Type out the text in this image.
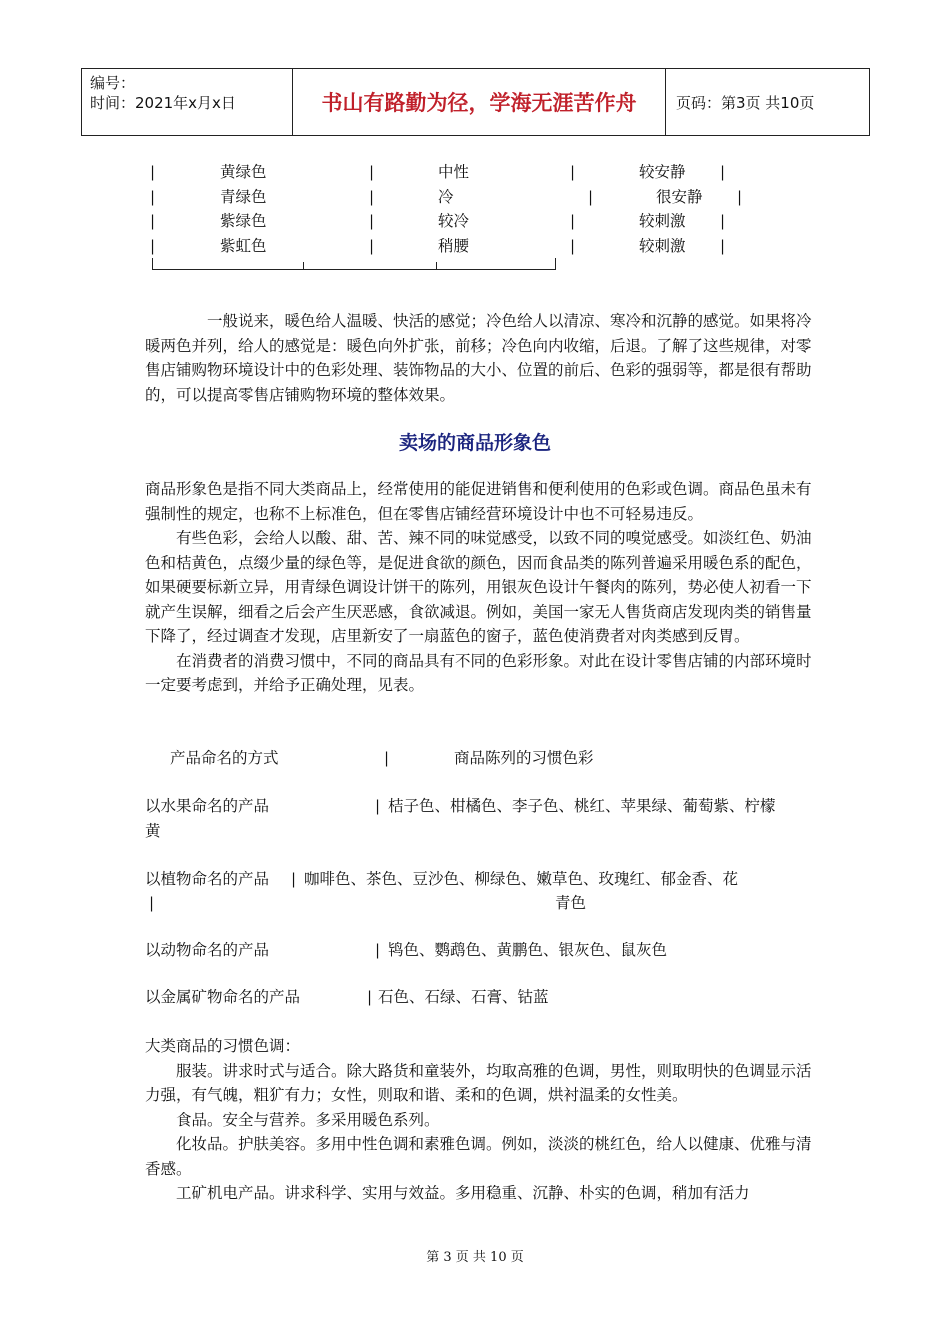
编号：
时间：2021年x月x日	书山有路勤为径，学海无涯苦作舟	页码：第3页 共10页
|	黄绿色	|	中性	|	较安静 |
|	青绿色	|	冷	|	很安静 |
|	紫绿色	|	较冷	|	较刺激 |
|	紫虹色	|	稍腰	|	较刺激 |

一般说来，暖色给人温暖、快活的感觉；冷色给人以清凉、寒冷和沉静的感觉。如果将冷暖两色并列，给人的感觉是：暖色向外扩张，前移；冷色向内收缩，后退。了解了这些规律，对零售店铺购物环境设计中的色彩处理、装饰物品的大小、位置的前后、色彩的强弱等，都是很有帮助的，可以提高零售店铺购物环境的整体效果。

卖场的商品形象色

商品形象色是指不同大类商品上，经常使用的能促进销售和便利使用的色彩或色调。商品色虽未有强制性的规定，也称不上标准色，但在零售店铺经营环境设计中也不可轻易违反。

有些色彩，会给人以酸、甜、苦、辣不同的味觉感受，以致不同的嗅觉感受。如淡红色、奶油色和桔黄色，点缀少量的绿色等，是促进食欲的颜色，因而食品类的陈列普遍采用暖色系的配色，如果硬要标新立异，用青绿色调设计饼干的陈列，用银灰色设计午餐肉的陈列，势必使人初看一下就产生误解，细看之后会产生厌恶感，食欲减退。例如，美国一家无人售货商店发现肉类的销售量下降了，经过调查才发现，店里新安了一扇蓝色的窗子，蓝色使消费者对肉类感到反胃。

在消费者的消费习惯中，不同的商品具有不同的色彩形象。对此在设计零售店铺的内部环境时一定要考虑到，并给予正确处理，见表。

产品命名的方式	|	商品陈列的习惯色彩
以水果命名的产品	| 桔子色、柑橘色、李子色、桃红、苹果绿、葡萄紫、柠檬
黄
以植物命名的产品 | 咖啡色、茶色、豆沙色、柳绿色、嫩草色、玫瑰红、郁金香、花
|	青色
以动物命名的产品	| 鸨色、鹦鹉色、黄鹏色、银灰色、鼠灰色
以金属矿物命名的产品	| 石色、石绿、石膏、钴蓝

大类商品的习惯色调：

服装。讲求时式与适合。除大路货和童装外，均取高雅的色调，男性，则取明快的色调显示活力强，有气魄，粗犷有力；女性，则取和谐、柔和的色调，烘衬温柔的女性美。

食品。安全与营养。多采用暖色系列。

化妆品。护肤美容。多用中性色调和素雅色调。例如，淡淡的桃红色，给人以健康、优雅与清香感。

工矿机电产品。讲求科学、实用与效益。多用稳重、沉静、朴实的色调，稍加有活力

第 3 页 共 10 页
